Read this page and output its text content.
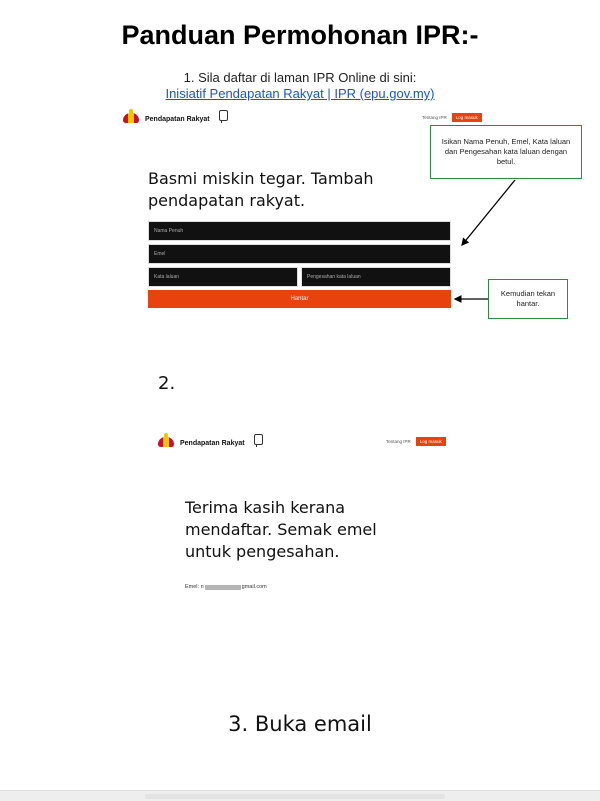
Panduan Permohonan IPR:-
1. Sila daftar di laman IPR Online di sini:
Inisiatif Pendapatan Rakyat | IPR (epu.gov.my)
Pendapatan Rakyat	Tentang IPR	Log masuk
Basmi miskin tegar. Tambah
pendapatan rakyat.
Nama Penuh
Emel
Kata laluan	Pengesahan kata laluan
Hantar
Isikan Nama Penuh, Emel, Kata laluan dan Pengesahan kata laluan dengan betul.
Kemudian tekan hantar.
2.
Pendapatan Rakyat	Tentang IPR	Log masuk
Terima kasih kerana
mendaftar. Semak emel
untuk pengesahan.
Emel: n	gmail.com
3. Buka email
